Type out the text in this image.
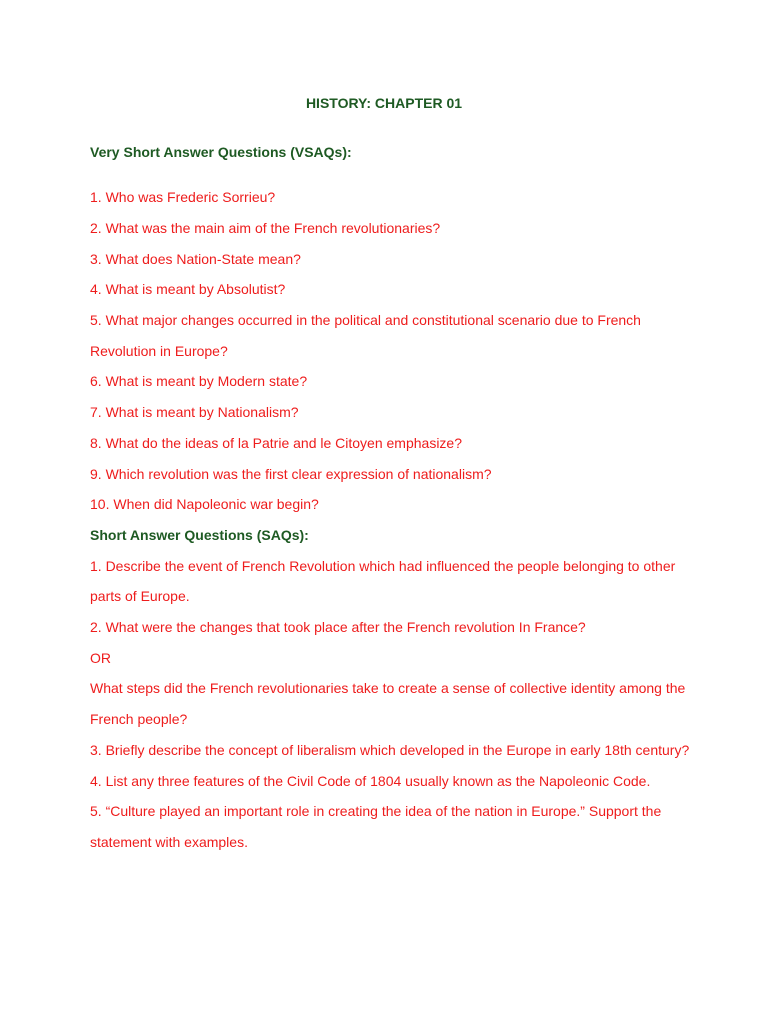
HISTORY: CHAPTER 01
Very Short Answer Questions (VSAQs):
1. Who was Frederic Sorrieu?
2. What was the main aim of the French revolutionaries?
3. What does Nation-State mean?
4. What is meant by Absolutist?
5. What major changes occurred in the political and constitutional scenario due to French Revolution in Europe?
6. What is meant by Modern state?
7. What is meant by Nationalism?
8. What do the ideas of la Patrie and le Citoyen emphasize?
9. Which revolution was the first clear expression of nationalism?
10. When did Napoleonic war begin?
Short Answer Questions (SAQs):
1. Describe the event of French Revolution which had influenced the people belonging to other parts of Europe.
2. What were the changes that took place after the French revolution In France?
OR
What steps did the French revolutionaries take to create a sense of collective identity among the French people?
3. Briefly describe the concept of liberalism which developed in the Europe in early 18th century?
4. List any three features of the Civil Code of 1804 usually known as the Napoleonic Code.
5. “Culture played an important role in creating the idea of the nation in Europe.” Support the statement with examples.
